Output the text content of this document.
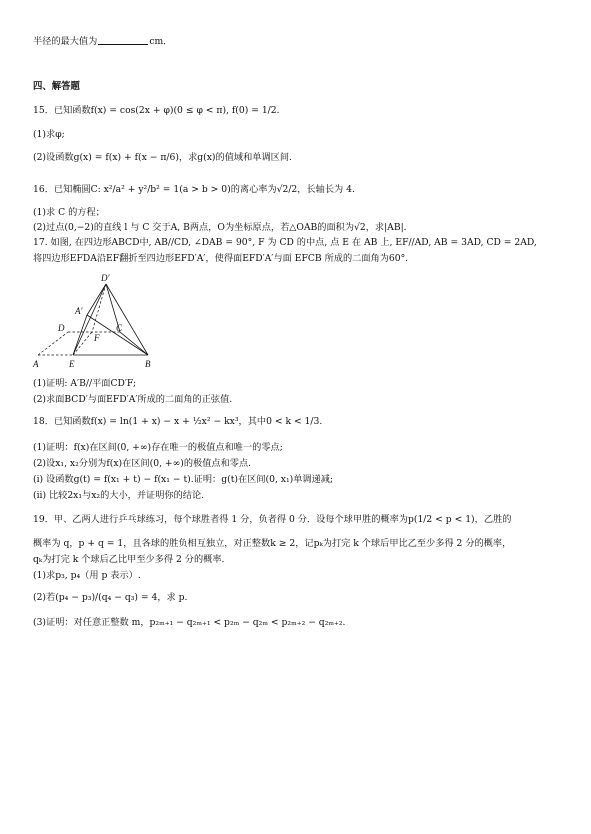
半径的最大值为	cm．
四、解答题
15．已知函数f(x) = cos(2x + φ)(0 ≤ φ < π), f(0) = 1/2.
(1)求φ;
(2)设函数g(x) = f(x) + f(x − π/6)，求g(x)的值域和单调区间.
16．已知椭圆C: x²/a² + y²/b² = 1(a > b > 0)的离心率为√2/2，长轴长为 4.
(1)求 C 的方程；
(2)过点(0,−2)的直线 l 与 C 交于A, B两点，O为坐标原点，若△OAB的面积为√2，求|AB|.
17. 如图, 在四边形ABCD中, AB//CD, ∠DAB = 90°, F 为 CD 的中点, 点 E 在 AB 上, EF//AD, AB = 3AD, CD = 2AD,
将四边形EFDA沿EF翻折至四边形EFD′A′，使得面EFD′A′与面 EFCB 所成的二面角为60°.
D′
A′
D	C
F
A	E	B
(1)证明: A′B//平面CD′F;
(2)求面BCD′与面EFD′A′所成的二面角的正弦值.
18．已知函数f(x) = ln(1 + x) − x + ½x² − kx³，其中0 < k < 1/3.
(1)证明：f(x)在区间(0, +∞)存在唯一的极值点和唯一的零点;
(2)设x₁, x₂分别为f(x)在区间(0, +∞)的极值点和零点.
(i) 设函数g(t) = f(x₁ + t) − f(x₁ − t).证明：g(t)在区间(0, x₁)单调递减;
(ii) 比较2x₁与x₂的大小，并证明你的结论.
19．甲、乙两人进行乒乓球练习，每个球胜者得 1 分，负者得 0 分．设每个球甲胜的概率为p(1/2 < p < 1)，乙胜的
概率为 q，p + q = 1，且各球的胜负相互独立，对正整数k ≥ 2，记pₖ为打完 k 个球后甲比乙至少多得 2 分的概率，
qₖ为打完 k 个球后乙比甲至少多得 2 分的概率.
(1)求p₃, p₄（用 p 表示）.
(2)若(p₄ − p₃)/(q₄ − q₃) = 4，求 p.
(3)证明：对任意正整数 m，p₂ₘ₊₁ − q₂ₘ₊₁ < p₂ₘ − q₂ₘ < p₂ₘ₊₂ − q₂ₘ₊₂.
